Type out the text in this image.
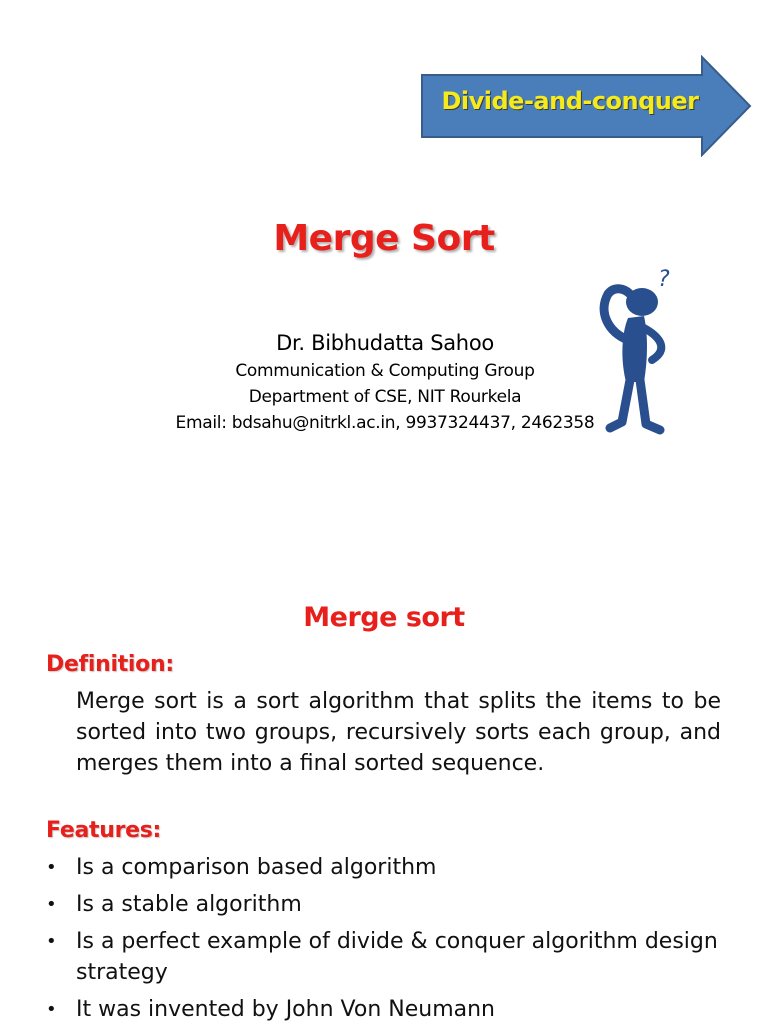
Divide-and-conquer
Merge Sort
Dr. Bibhudatta Sahoo
Communication & Computing Group
Department of CSE, NIT Rourkela
Email: bdsahu@nitrkl.ac.in, 9937324437, 2462358
?
Merge sort
Definition:
Merge sort is a sort algorithm that splits the items to be sorted into two groups, recursively sorts each group, and merges them into a final sorted sequence.
Features:
• Is a comparison based algorithm
• Is a stable algorithm
• Is a perfect example of divide & conquer algorithm design strategy
• It was invented by John Von Neumann
